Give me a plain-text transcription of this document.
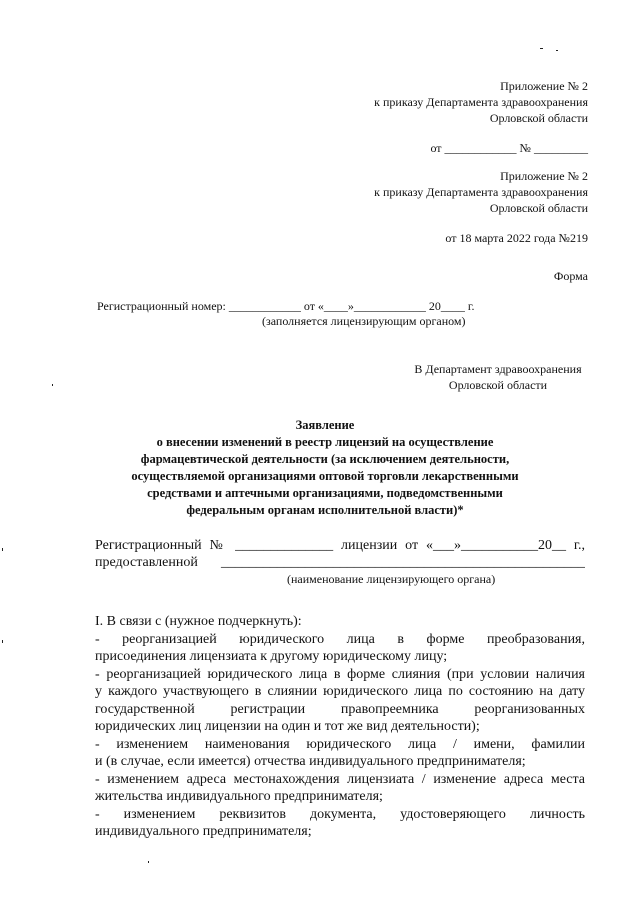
Приложение № 2
к приказу Департамента здравоохранения
Орловской области
от ____________ № _________
Приложение № 2
к приказу Департамента здравоохранения
Орловской области
от 18 марта 2022 года №219
Форма
Регистрационный номер: ____________ от «____»____________ 20____ г.
(заполняется лицензирующим органом)
В Департамент здравоохранения
Орловской области
Заявление
о внесении изменений в реестр лицензий на осуществление
фармацевтической деятельности (за исключением деятельности,
осуществляемой организациями оптовой торговли лекарственными
средствами и аптечными организациями, подведомственными
федеральным органам исполнительной власти)*
Регистрационный № ______________ лицензии от «___»___________20__ г.,
предоставленной ____________________________________________________
(наименование лицензирующего органа)
I. В связи с (нужное подчеркнуть):
- реорганизацией юридического лица в форме преобразования,
присоединения лицензиата к другому юридическому лицу;
- реорганизацией юридического лица в форме слияния (при условии наличия
у каждого участвующего в слиянии юридического лица по состоянию на дату
государственной регистрации правопреемника реорганизованных
юридических лиц лицензии на один и тот же вид деятельности);
- изменением наименования юридического лица / имени, фамилии
и (в случае, если имеется) отчества индивидуального предпринимателя;
- изменением адреса местонахождения лицензиата / изменение адреса места
жительства индивидуального предпринимателя;
- изменением реквизитов документа, удостоверяющего личность
индивидуального предпринимателя;
